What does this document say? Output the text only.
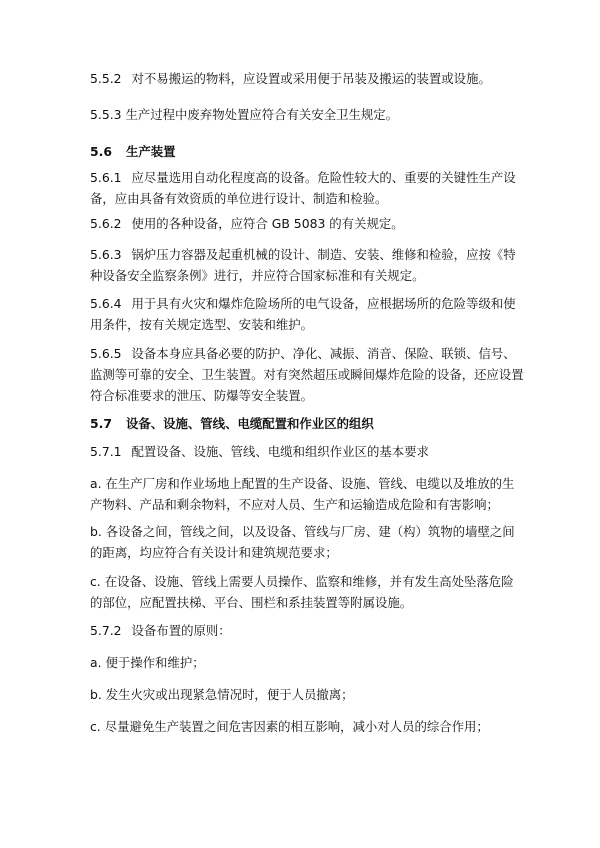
5.5.2 对不易搬运的物料，应设置或采用便于吊装及搬运的装置或设施。
5.5.3 生产过程中废弃物处置应符合有关安全卫生规定。
5.6 生产装置
5.6.1 应尽量选用自动化程度高的设备。危险性较大的、重要的关键性生产设
备，应由具备有效资质的单位进行设计、制造和检验。
5.6.2 使用的各种设备，应符合 GB 5083 的有关规定。
5.6.3 锅炉压力容器及起重机械的设计、制造、安装、维修和检验，应按《特
种设备安全监察条例》进行，并应符合国家标准和有关规定。
5.6.4 用于具有火灾和爆炸危险场所的电气设备，应根据场所的危险等级和使
用条件，按有关规定选型、安装和维护。
5.6.5 设备本身应具备必要的防护、净化、减振、消音、保险、联锁、信号、
监测等可靠的安全、卫生装置。对有突然超压或瞬间爆炸危险的设备，还应设置
符合标准要求的泄压、防爆等安全装置。
5.7 设备、设施、管线、电缆配置和作业区的组织
5.7.1 配置设备、设施、管线、电缆和组织作业区的基本要求
a. 在生产厂房和作业场地上配置的生产设备、设施、管线、电缆以及堆放的生
产物料、产品和剩余物料，不应对人员、生产和运输造成危险和有害影响；
b. 各设备之间，管线之间，以及设备、管线与厂房、建（构）筑物的墙壁之间
的距离，均应符合有关设计和建筑规范要求；
c. 在设备、设施、管线上需要人员操作、监察和维修，并有发生高处坠落危险
的部位，应配置扶梯、平台、围栏和系挂装置等附属设施。
5.7.2 设备布置的原则：
a. 便于操作和维护；
b. 发生火灾或出现紧急情况时，便于人员撤离；
c. 尽量避免生产装置之间危害因素的相互影响，减小对人员的综合作用；
